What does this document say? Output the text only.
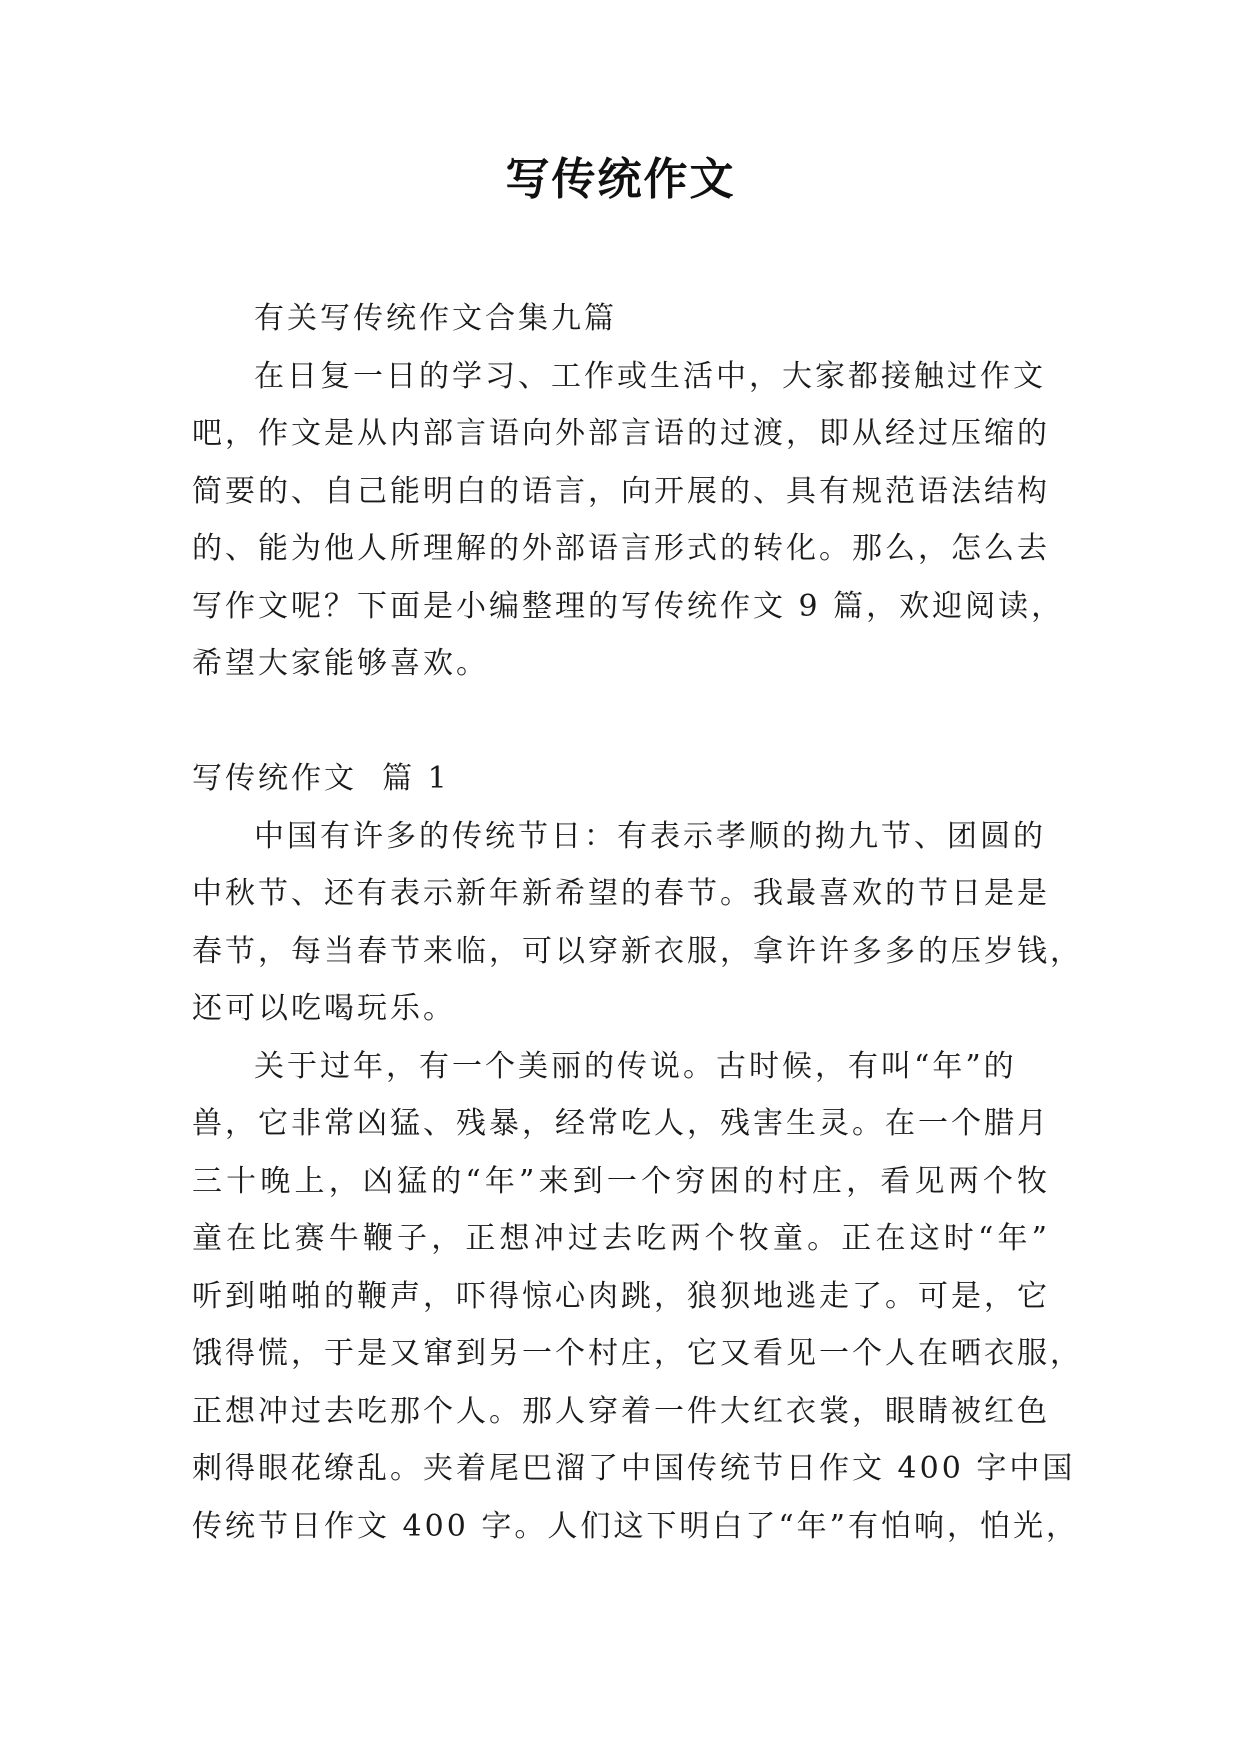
写传统作文
有关写传统作文合集九篇
在日复一日的学习、工作或生活中，大家都接触过作文
吧，作文是从内部言语向外部言语的过渡，即从经过压缩的
简要的、自己能明白的语言，向开展的、具有规范语法结构
的、能为他人所理解的外部语言形式的转化。那么，怎么去
写作文呢？下面是小编整理的写传统作文 9 篇，欢迎阅读，
希望大家能够喜欢。
写传统作文  篇 1
中国有许多的传统节日：有表示孝顺的拗九节、团圆的
中秋节、还有表示新年新希望的春节。我最喜欢的节日是是
春节，每当春节来临，可以穿新衣服，拿许许多多的压岁钱，
还可以吃喝玩乐。
关于过年，有一个美丽的传说。古时候，有叫“年”的
兽，它非常凶猛、残暴，经常吃人，残害生灵。在一个腊月
三十晚上，凶猛的“年”来到一个穷困的村庄，看见两个牧
童在比赛牛鞭子，正想冲过去吃两个牧童。正在这时“年”
听到啪啪的鞭声，吓得惊心肉跳，狼狈地逃走了。可是，它
饿得慌，于是又窜到另一个村庄，它又看见一个人在晒衣服，
正想冲过去吃那个人。那人穿着一件大红衣裳，眼睛被红色
刺得眼花缭乱。夹着尾巴溜了中国传统节日作文 400 字中国
传统节日作文 400 字。人们这下明白了“年”有怕响，怕光，
